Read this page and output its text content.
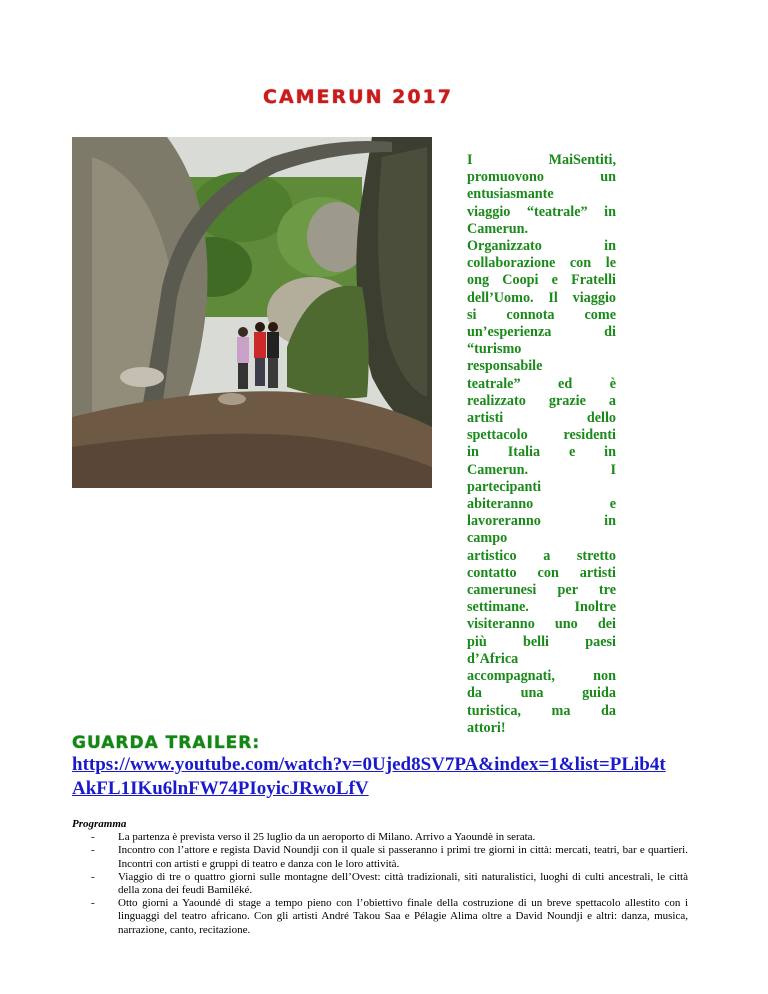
CAMERUN 2017
I MaiSentiti,
promuovono un
entusiasmante
viaggio “teatrale” in
Camerun.
Organizzato in
collaborazione con le
ong Coopi e Fratelli
dell’Uomo. Il viaggio
si connota come
un’esperienza di
“turismo
responsabile
teatrale” ed è
realizzato grazie a
artisti dello
spettacolo residenti
in Italia e in
Camerun. I
partecipanti
abiteranno e
lavoreranno in
campo
artistico a stretto
contatto con artisti
camerunesi per tre
settimane. Inoltre
visiteranno uno dei
più belli paesi
d’Africa
accompagnati, non
da una guida
turistica, ma da
attori!
GUARDA TRAILER:
https://www.youtube.com/watch?v=0Ujed8SV7PA&index=1&list=PLib4tAkFL1IKu6lnFW74PIoyicJRwoLfV
Programma
- La partenza è prevista verso il 25 luglio da un aeroporto di Milano. Arrivo a Yaoundè in serata.
- Incontro con l’attore e regista David Noundji con il quale si passeranno i primi tre giorni in città: mercati, teatri, bar e quartieri. Incontri con artisti e gruppi di teatro e danza con le loro attività.
- Viaggio di tre o quattro giorni sulle montagne dell’Ovest: città tradizionali, siti naturalistici, luoghi di culti ancestrali, le città della zona dei feudi Bamiléké.
- Otto giorni a Yaoundé di stage a tempo pieno con l’obiettivo finale della costruzione di un breve spettacolo allestito con i linguaggi del teatro africano. Con gli artisti André Takou Saa e Pélagie Alima oltre a David Noundji e altri: danza, musica, narrazione, canto, recitazione.
